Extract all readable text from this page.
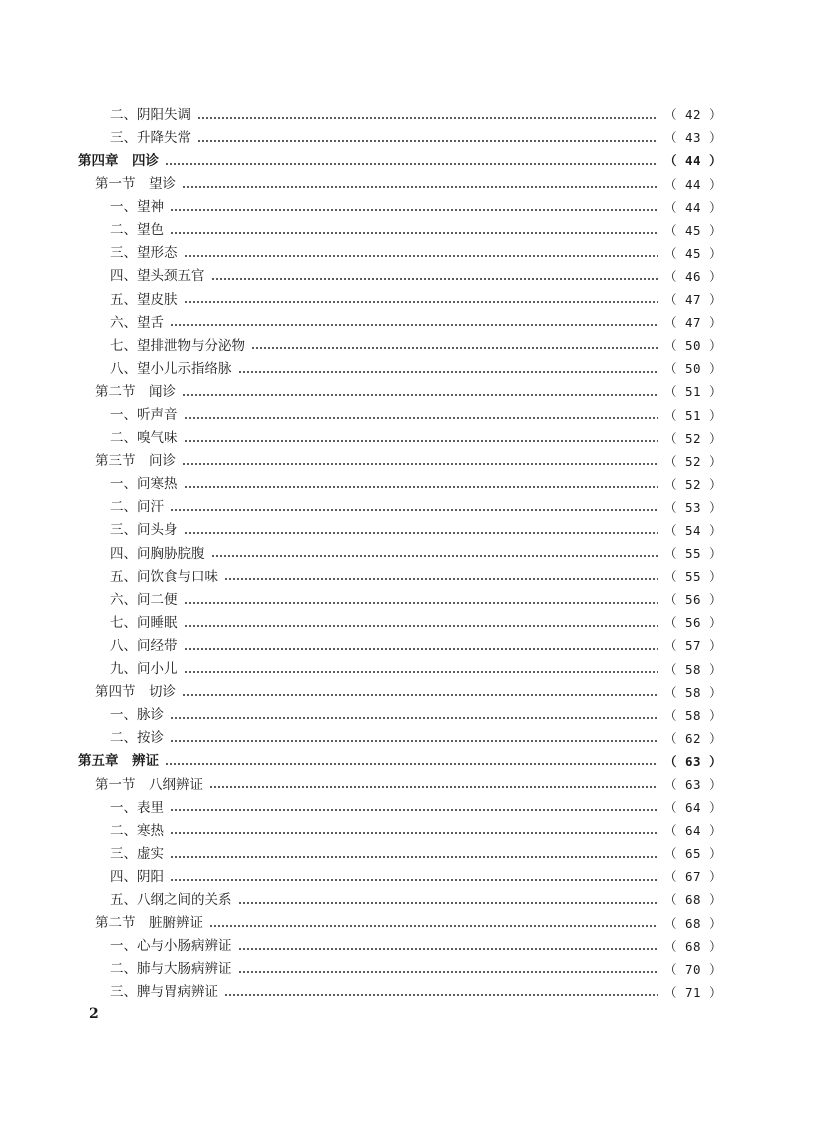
二、阴阳失调	（ 42 ）
三、升降失常	（ 43 ）
第四章　四诊	（ 44 ）
第一节　望诊	（ 44 ）
一、望神	（ 44 ）
二、望色	（ 45 ）
三、望形态	（ 45 ）
四、望头颈五官	（ 46 ）
五、望皮肤	（ 47 ）
六、望舌	（ 47 ）
七、望排泄物与分泌物	（ 50 ）
八、望小儿示指络脉	（ 50 ）
第二节　闻诊	（ 51 ）
一、听声音	（ 51 ）
二、嗅气味	（ 52 ）
第三节　问诊	（ 52 ）
一、问寒热	（ 52 ）
二、问汗	（ 53 ）
三、问头身	（ 54 ）
四、问胸胁脘腹	（ 55 ）
五、问饮食与口味	（ 55 ）
六、问二便	（ 56 ）
七、问睡眠	（ 56 ）
八、问经带	（ 57 ）
九、问小儿	（ 58 ）
第四节　切诊	（ 58 ）
一、脉诊	（ 58 ）
二、按诊	（ 62 ）
第五章　辨证	（ 63 ）
第一节　八纲辨证	（ 63 ）
一、表里	（ 64 ）
二、寒热	（ 64 ）
三、虚实	（ 65 ）
四、阴阳	（ 67 ）
五、八纲之间的关系	（ 68 ）
第二节　脏腑辨证	（ 68 ）
一、心与小肠病辨证	（ 68 ）
二、肺与大肠病辨证	（ 70 ）
三、脾与胃病辨证	（ 71 ）
2
